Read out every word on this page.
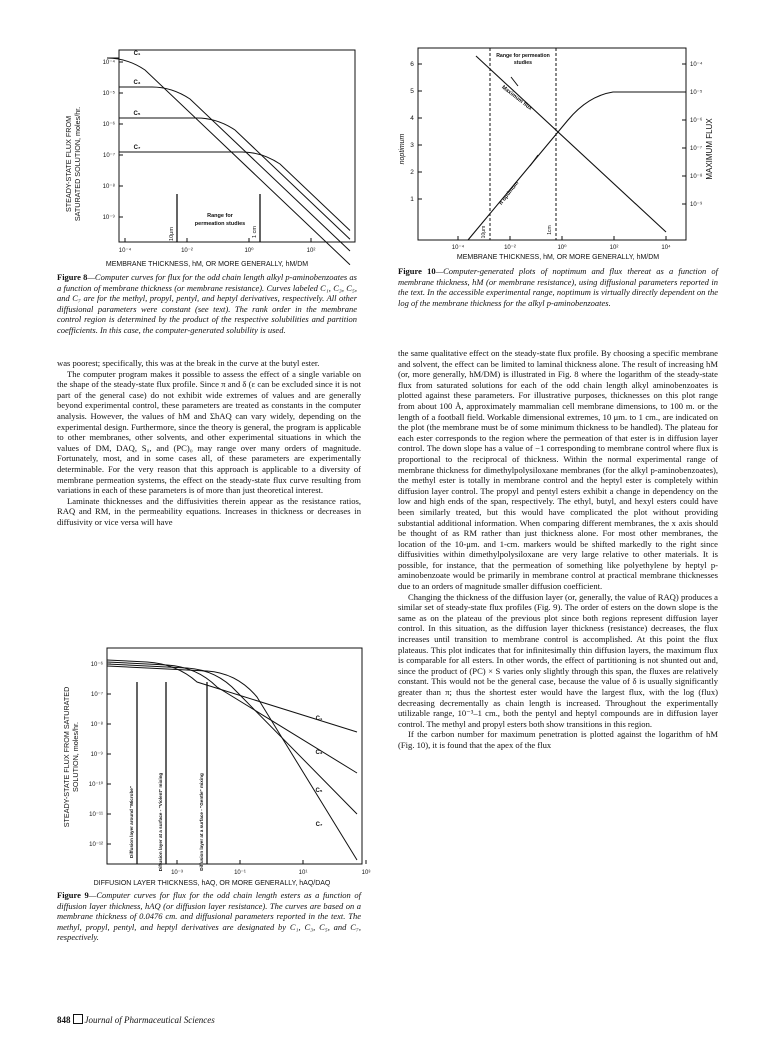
STEADY-STATE FLUX FROM SATURATED SOLUTION, moles/hr.
10⁻⁴
10⁻⁵
10⁻⁶
10⁻⁷
10⁻⁸
10⁻⁹
10⁻⁴	10⁻²	10⁰	10²
10μm	1 cm
Range for
permeation studies
C₁
C₃
C₅
C₇
MEMBRANE THICKNESS, hM, OR MORE GENERALLY, hM/DM
Figure 8—Computer curves for flux for the odd chain length alkyl p-aminobenzoates as a function of membrane thickness (or membrane resistance). Curves labeled C₁, C₃, C₅, and C₇ are for the methyl, propyl, pentyl, and heptyl derivatives, respectively. All other diffusional parameters were constant (see text). The rank order in the membrane control region is determined by the product of the respective solubilities and partition coefficients. In this case, the computer-generated solubility is used.

was poorest; specifically, this was at the break in the curve at the butyl ester.

The computer program makes it possible to assess the effect of a single variable on the shape of the steady-state flux profile. Since π and δ (ε can be excluded since it is not part of the general case) do not exhibit wide extremes of values and are generally beyond experimental control, these parameters are treated as constants in the computer analysis. However, the values of hM and ΣhAQ can vary widely, depending on the experimental design. Furthermore, since the theory is general, the program is applicable to other membranes, other solvents, and other experimental situations in which the values of DM, DAQ, S₀, and (PC)₀ may range over many orders of magnitude. Fortunately, most, and in some cases all, of these parameters are experimentally determinable. For the very reason that this approach is applicable to a diversity of membrane permeation systems, the effect on the steady-state flux curve resulting from variations in each of these parameters is of more than just theoretical interest.

Laminate thicknesses and the diffusivities therein appear as the resistance ratios, RAQ and RM, in the permeability equations. Increases in thickness or decreases in diffusivity or vice versa will have

STEADY-STATE FLUX FROM SATURATED SOLUTION, moles/hr.
10⁻⁶
10⁻⁷
10⁻⁸
10⁻⁹
10⁻¹⁰
10⁻¹¹
10⁻¹²
10⁻³	10⁻¹	10¹	10³
Diffusion layer around "Microbe"	Diffusion layer at a surface - "Violent" mixing	Diffusion layer at a surface - "Gentle" mixing
C₁
C₃
C₅
C₇
DIFFUSION LAYER THICKNESS, hAQ, OR MORE GENERALLY, hAQ/DAQ
Figure 9—Computer curves for flux for the odd chain length esters as a function of diffusion layer thickness, hAQ (or diffusion layer resistance). The curves are based on a membrane thickness of 0.0476 cm. and diffusional parameters reported in the text. The methyl, propyl, pentyl, and heptyl derivatives are designated by C₁, C₃, C₅, and C₇, respectively.
noptimum	MAXIMUM FLUX
6
5
4
3
2
1
10⁻⁴
10⁻⁵
10⁻⁶
10⁻⁷
10⁻⁸
10⁻⁹
10⁻⁴	10⁻²	10⁰	10²	10⁴
Range for permeation
studies
10μm	1cm
Maximum flux
n optimum
MEMBRANE THICKNESS, hM, OR MORE GENERALLY, hM/DM
Figure 10—Computer-generated plots of noptimum and flux thereat as a function of membrane thickness, hM (or membrane resistance), using diffusional parameters reported in the text. In the accessible experimental range, noptimum is virtually directly dependent on the log of the membrane thickness for the alkyl p-aminobenzoates.

the same qualitative effect on the steady-state flux profile. By choosing a specific membrane and solvent, the effect can be limited to laminal thickness alone. The result of increasing hM (or, more generally, hM/DM) is illustrated in Fig. 8 where the logarithm of the steady-state flux from saturated solutions for each of the odd chain length alkyl aminobenzoates is plotted against these parameters. For illustrative purposes, thicknesses on this plot range from about 100 Å, approximately mammalian cell membrane dimensions, to 100 m. or the length of a football field. Workable dimensional extremes, 10 μm. to 1 cm., are indicated on the plot (the membrane must be of some minimum thickness to be handled). The plateau for each ester corresponds to the region where the permeation of that ester is in diffusion layer control. The down slope has a value of −1 corresponding to membrane control where flux is proportional to the reciprocal of thickness. Within the normal experimental range of membrane thickness for dimethylpolysiloxane membranes (for the alkyl p-aminobenzoates), the methyl ester is totally in membrane control and the heptyl ester is completely within diffusion layer control. The propyl and pentyl esters exhibit a change in dependency on the low and high ends of the span, respectively. The ethyl, butyl, and hexyl esters could have been similarly treated, but this would have complicated the plot without providing substantial additional information. When comparing different membranes, the x axis should be thought of as RM rather than just thickness alone. For most other membranes, the location of the 10-μm. and 1-cm. markers would be shifted markedly to the right since diffusivities within dimethylpolysiloxane are very large relative to other materials. It is possible, for instance, that the permeation of something like polyethylene by heptyl p-aminobenzoate would be primarily in membrane control at practical membrane thicknesses due to an orders of magnitude smaller diffusion coefficient.

Changing the thickness of the diffusion layer (or, generally, the value of RAQ) produces a similar set of steady-state flux profiles (Fig. 9). The order of esters on the down slope is the same as on the plateau of the previous plot since both regions represent diffusion layer control. In this situation, as the diffusion layer thickness (resistance) decreases, the flux increases until transition to membrane control is accomplished. At this point the flux plateaus. This plot indicates that for infinitesimally thin diffusion layers, the maximum flux is comparable for all esters. In other words, the effect of partitioning is not shunted out and, since the product of (PC) × S varies only slightly through this span, the fluxes are relatively constant. This would not be the general case, because the value of δ is usually significantly greater than π; thus the shortest ester would have the largest flux, with the log (flux) decreasing decrementally as chain length is increased. Throughout the experimentally utilizable range, 10⁻³–1 cm., both the pentyl and heptyl compounds are in diffusion layer control. The methyl and propyl esters both show transitions in this region.

If the carbon number for maximum penetration is plotted against the logarithm of hM (Fig. 10), it is found that the apex of the flux

848 Journal of Pharmaceutical Sciences
